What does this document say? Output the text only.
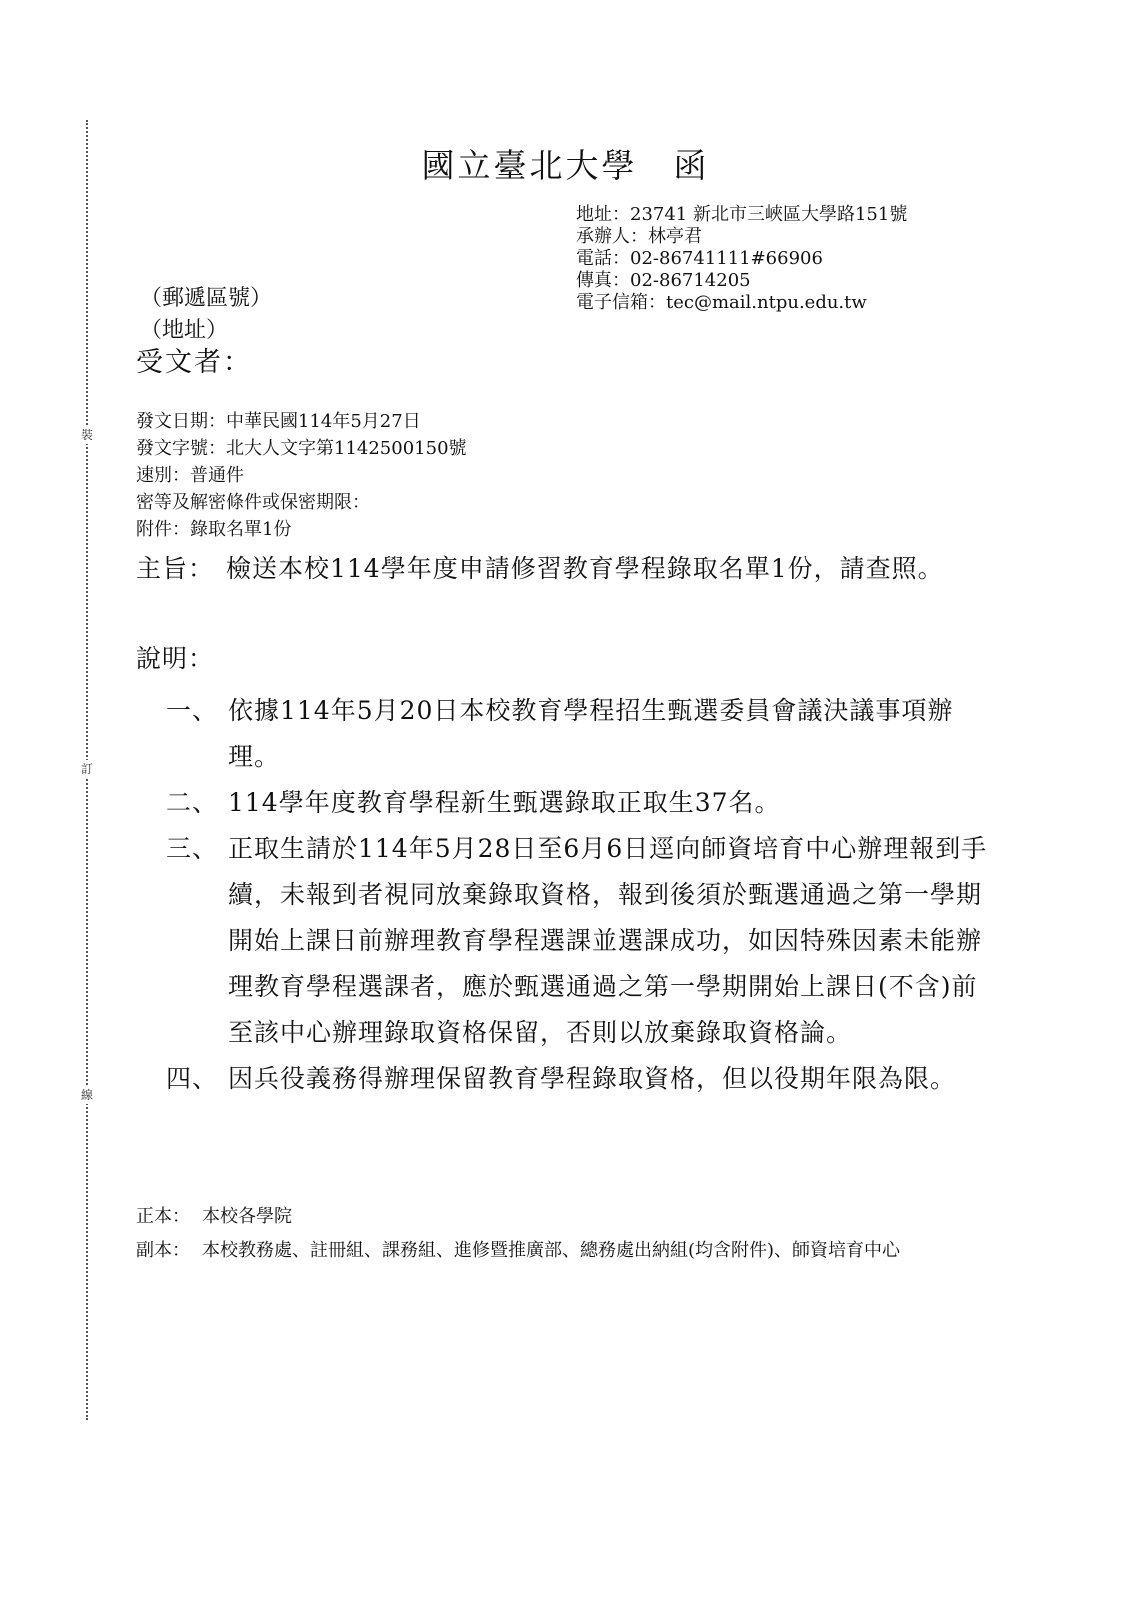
裝
訂
線
國立臺北大學 函
地址：23741 新北市三峽區大學路151號
承辦人：林亭君
電話：02-86741111#66906
傳真：02-86714205
電子信箱：tec@mail.ntpu.edu.tw
（郵遞區號）
（地址）
受文者：
發文日期：中華民國114年5月27日
發文字號：北大人文字第1142500150號
速別：普通件
密等及解密條件或保密期限：
附件：錄取名單1份
主旨： 檢送本校114學年度申請修習教育學程錄取名單1份，請查照。
說明：
一、 依據114年5月20日本校教育學程招生甄選委員會議決議事項辦理。
二、 114學年度教育學程新生甄選錄取正取生37名。
三、 正取生請於114年5月28日至6月6日逕向師資培育中心辦理報到手續，未報到者視同放棄錄取資格，報到後須於甄選通過之第一學期開始上課日前辦理教育學程選課並選課成功，如因特殊因素未能辦理教育學程選課者，應於甄選通過之第一學期開始上課日(不含)前至該中心辦理錄取資格保留，否則以放棄錄取資格論。
四、 因兵役義務得辦理保留教育學程錄取資格，但以役期年限為限。
正本： 本校各學院
副本： 本校教務處、註冊組、課務組、進修暨推廣部、總務處出納組(均含附件)、師資培育中心
